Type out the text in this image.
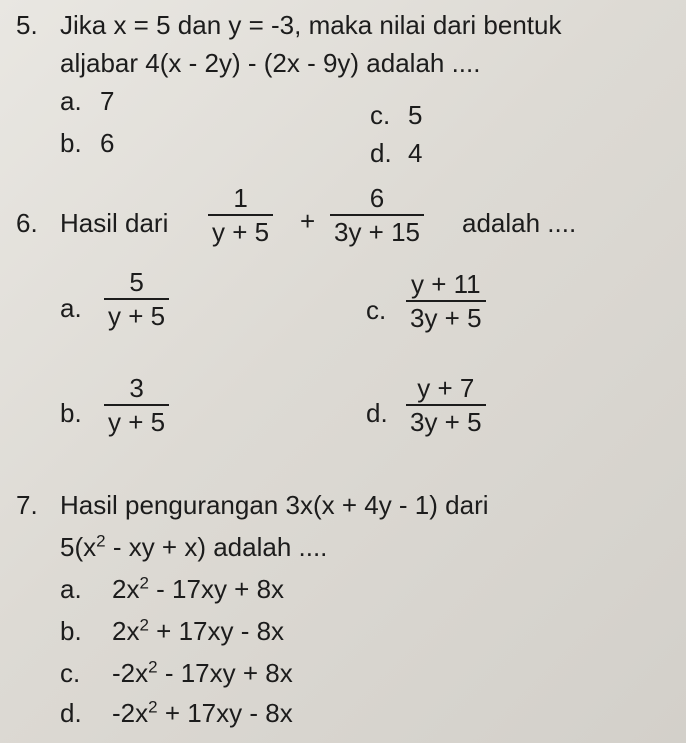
5. Jika x = 5 dan y = -3, maka nilai dari bentuk
aljabar 4(x - 2y) - (2x - 9y) adalah ....
a. 7
b. 6
c. 5
d. 4
6. Hasil dari $\frac{1}{y + 5} + \frac{6}{3y + 15}$ adalah ....
a. $\frac{5}{y + 5}$	c. $\frac{y + 11}{3y + 5}$
b. $\frac{3}{y + 5}$	d. $\frac{y + 7}{3y + 5}$
7. Hasil pengurangan 3x(x + 4y - 1) dari
$5(x^2$ - xy + x) adalah ....
a. $2x^2 - 17xy + 8x$
b. $2x^2 + 17xy - 8x$
c. $-2x^2 - 17xy + 8x$
d. $-2x^2 + 17xy - 8x$
